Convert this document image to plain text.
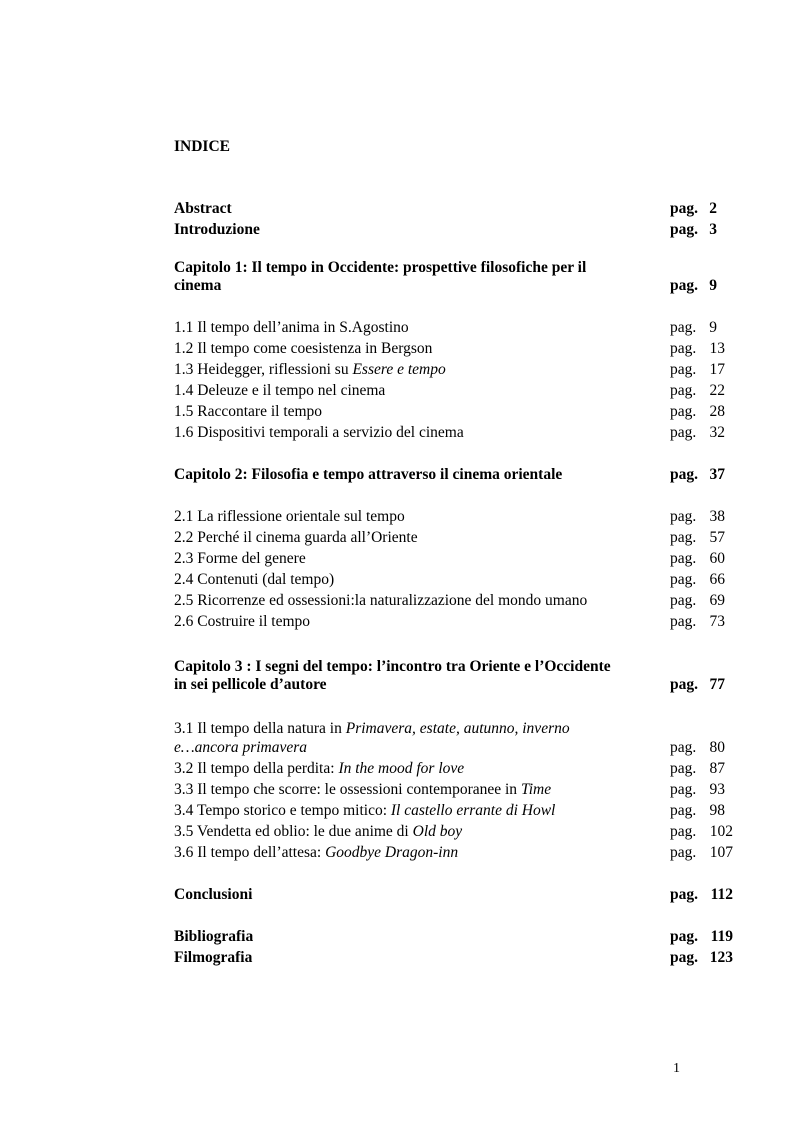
INDICE
Abstract	pag. 2
Introduzione	pag. 3
Capitolo 1: Il tempo in Occidente: prospettive filosofiche per il
cinema	pag. 9
1.1 Il tempo dell’anima in S.Agostino	pag. 9
1.2 Il tempo come coesistenza in Bergson	pag. 13
1.3 Heidegger, riflessioni su Essere e tempo	pag. 17
1.4 Deleuze e il tempo nel cinema	pag. 22
1.5 Raccontare il tempo	pag. 28
1.6 Dispositivi temporali a servizio del cinema	pag. 32
Capitolo 2: Filosofia e tempo attraverso il cinema orientale	pag. 37
2.1 La riflessione orientale sul tempo	pag. 38
2.2 Perché il cinema guarda all’Oriente	pag. 57
2.3 Forme del genere	pag. 60
2.4 Contenuti (dal tempo)	pag. 66
2.5 Ricorrenze ed ossessioni:la naturalizzazione del mondo umano	pag. 69
2.6 Costruire il tempo	pag. 73
Capitolo 3 : I segni del tempo: l’incontro tra Oriente e l’Occidente
in sei pellicole d’autore	pag. 77
3.1 Il tempo della natura in Primavera, estate, autunno, inverno
e…ancora primavera	pag. 80
3.2 Il tempo della perdita: In the mood for love	pag. 87
3.3 Il tempo che scorre: le ossessioni contemporanee in Time	pag. 93
3.4 Tempo storico e tempo mitico: Il castello errante di Howl	pag. 98
3.5 Vendetta ed oblio: le due anime di Old boy	pag. 102
3.6 Il tempo dell’attesa: Goodbye Dragon-inn	pag. 107
Conclusioni	pag. 112
Bibliografia	pag. 119
Filmografia	pag. 123
1
